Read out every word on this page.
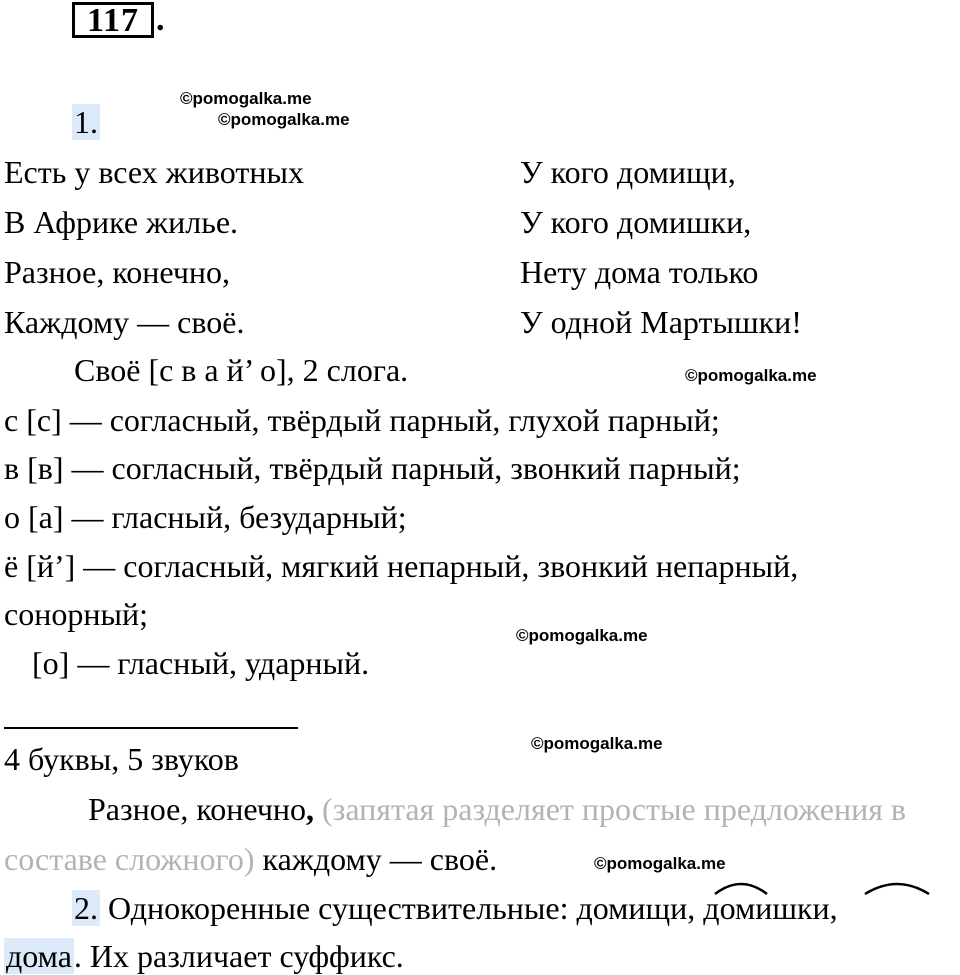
117 .
©pomogalka.me
©pomogalka.me
©pomogalka.me
©pomogalka.me
©pomogalka.me
©pomogalka.me
1.
Есть у всех животных
В Африке жилье.
Разное, конечно,
Каждому — своё.
У кого домищи,
У кого домишки,
Нету дома только
У одной Мартышки!
Своё [с в а й’ о], 2 слога.
с [с] — согласный, твёрдый парный, глухой парный;
в [в] — согласный, твёрдый парный, звонкий парный;
о [а] — гласный, безударный;
ё [й’] — согласный, мягкий непарный, звонкий непарный,
сонорный;
[о] — гласный, ударный.
4 буквы, 5 звуков
Разное, конечно, (запятая разделяет простые предложения в
составе сложного) каждому — своё.
2. Однокоренные существительные: домищи, домишки,
дома. Их различает суффикс.
